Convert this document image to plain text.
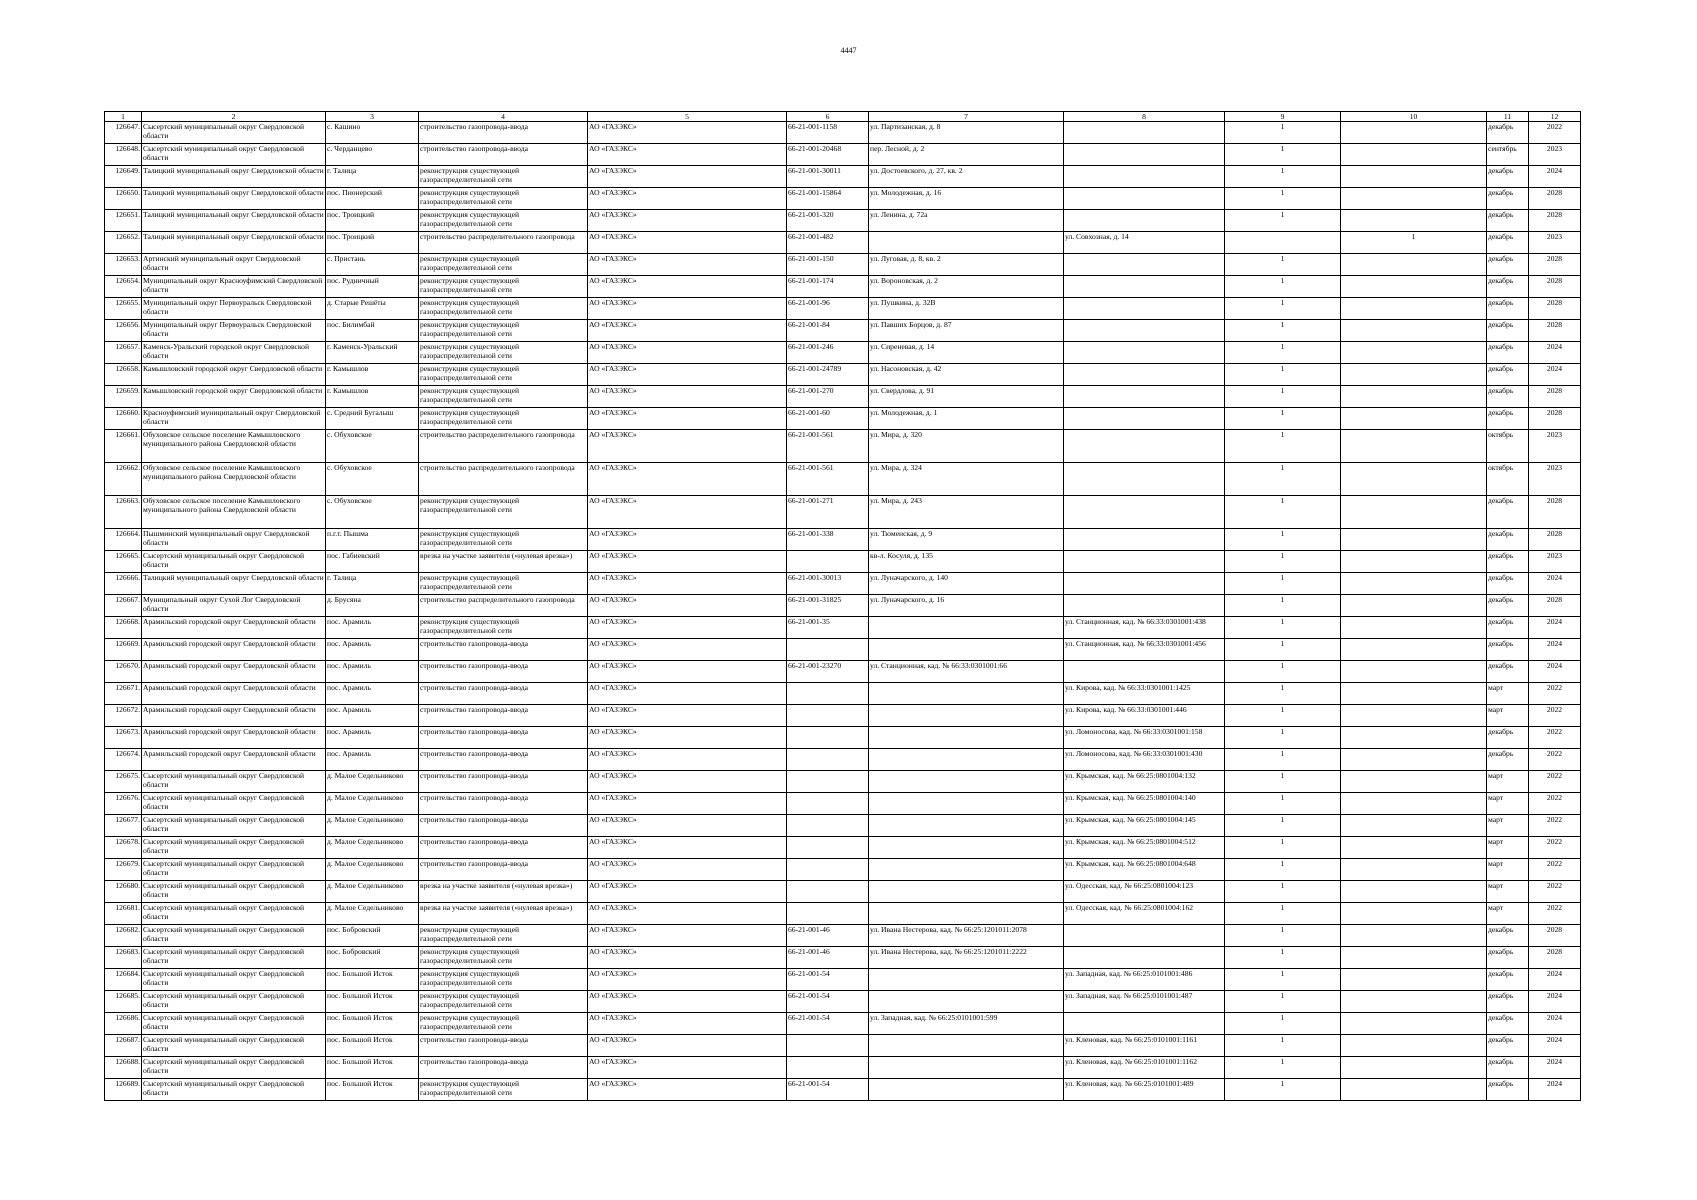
4447
1	2	3	4	5	6	7	8	9	10	11	12
126647.	Сысертский муниципальный округ Свердловской области	с. Кашино	строительство газопровода-ввода	АО «ГАЗЭКС»	66-21-001-1158	ул. Партизанская, д. 8		1		декабрь	2022
126648.	Сысертский муниципальный округ Свердловской области	с. Черданцево	строительство газопровода-ввода	АО «ГАЗЭКС»	66-21-001-20468	пер. Лесной, д. 2		1		сентябрь	2023
126649.	Талицкий муниципальный округ Свердловской области	г. Талица	реконструкция существующей газораспределительной сети	АО «ГАЗЭКС»	66-21-001-30011	ул. Достоевского, д. 27, кв. 2		1		декабрь	2024
126650.	Талицкий муниципальный округ Свердловской области	пос. Пионерский	реконструкция существующей газораспределительной сети	АО «ГАЗЭКС»	66-21-001-15864	ул. Молодежная, д. 16		1		декабрь	2028
126651.	Талицкий муниципальный округ Свердловской области	пос. Троицкий	реконструкция существующей газораспределительной сети	АО «ГАЗЭКС»	66-21-001-320	ул. Ленина, д. 72а		1		декабрь	2028
126652.	Талицкий муниципальный округ Свердловской области	пос. Троицкий	строительство распределительного газопровода	АО «ГАЗЭКС»	66-21-001-482		ул. Совхозная, д. 14		1	декабрь	2023
126653.	Артинский муниципальный округ Свердловской области	с. Пристань	реконструкция существующей газораспределительной сети	АО «ГАЗЭКС»	66-21-001-150	ул. Луговая, д. 8, кв. 2		1		декабрь	2028
126654.	Муниципальный округ Красноуфимский Свердловской области	пос. Рудничный	реконструкция существующей газораспределительной сети	АО «ГАЗЭКС»	66-21-001-174	ул. Вороновская, д. 2		1		декабрь	2028
126655.	Муниципальный округ Первоуральск Свердловской области	д. Старые Решёты	реконструкция существующей газораспределительной сети	АО «ГАЗЭКС»	66-21-001-96	ул. Пушкина, д. 32В		1		декабрь	2028
126656.	Муниципальный округ Первоуральск Свердловской области	пос. Билимбай	реконструкция существующей газораспределительной сети	АО «ГАЗЭКС»	66-21-001-84	ул. Павших Борцов, д. 87		1		декабрь	2028
126657.	Каменск-Уральский городской округ Свердловской области	г. Каменск-Уральский	реконструкция существующей газораспределительной сети	АО «ГАЗЭКС»	66-21-001-246	ул. Сиреневая, д. 14		1		декабрь	2024
126658.	Камышловский городской округ Свердловской области	г. Камышлов	реконструкция существующей газораспределительной сети	АО «ГАЗЭКС»	66-21-001-24789	ул. Насоновская, д. 42		1		декабрь	2024
126659.	Камышловский городской округ Свердловской области	г. Камышлов	реконструкция существующей газораспределительной сети	АО «ГАЗЭКС»	66-21-001-270	ул. Свердлова, д. 91		1		декабрь	2028
126660.	Красноуфимский муниципальный округ Свердловской области	с. Средний Бугалыш	реконструкция существующей газораспределительной сети	АО «ГАЗЭКС»	66-21-001-60	ул. Молодежная, д. 1		1		декабрь	2028
126661.	Обуховское сельское поселение Камышловского муниципального района Свердловской области	с. Обуховское	строительство распределительного газопровода	АО «ГАЗЭКС»	66-21-001-561	ул. Мира, д. 320		1		октябрь	2023
126662.	Обуховское сельское поселение Камышловского муниципального района Свердловской области	с. Обуховское	строительство распределительного газопровода	АО «ГАЗЭКС»	66-21-001-561	ул. Мира, д. 324		1		октябрь	2023
126663.	Обуховское сельское поселение Камышловского муниципального района Свердловской области	с. Обуховское	реконструкция существующей газораспределительной сети	АО «ГАЗЭКС»	66-21-001-271	ул. Мира, д. 243		1		декабрь	2028
126664.	Пышминский муниципальный округ Свердловской области	п.г.т. Пышма	реконструкция существующей газораспределительной сети	АО «ГАЗЭКС»	66-21-001-338	ул. Тюменская, д. 9		1		декабрь	2028
126665.	Сысертский муниципальный округ Свердловской области	пос. Габиевский	врезка на участке заявителя («нулевая врезка»)	АО «ГАЗЭКС»		кв-л. Косуля, д. 135		1		декабрь	2023
126666.	Талицкий муниципальный округ Свердловской области	г. Талица	реконструкция существующей газораспределительной сети	АО «ГАЗЭКС»	66-21-001-30013	ул. Луначарского, д. 140		1		декабрь	2024
126667.	Муниципальный округ Сухой Лог Свердловской области	д. Брусяна	строительство распределительного газопровода	АО «ГАЗЭКС»	66-21-001-31825	ул. Луначарского, д. 16		1		декабрь	2028
126668.	Арамильский городской округ Свердловской области	пос. Арамиль	реконструкция существующей газораспределительной сети	АО «ГАЗЭКС»	66-21-001-35		ул. Станционная, кад. № 66:33:0301001:438	1		декабрь	2024
126669.	Арамильский городской округ Свердловской области	пос. Арамиль	строительство газопровода-ввода	АО «ГАЗЭКС»			ул. Станционная, кад. № 66:33:0301001:456	1		декабрь	2024
126670.	Арамильский городской округ Свердловской области	пос. Арамиль	строительство газопровода-ввода	АО «ГАЗЭКС»	66-21-001-23270	ул. Станционная, кад. № 66:33:0301001:66		1		декабрь	2024
126671.	Арамильский городской округ Свердловской области	пос. Арамиль	строительство газопровода-ввода	АО «ГАЗЭКС»			ул. Кирова, кад. № 66:33:0301001:1425	1		март	2022
126672.	Арамильский городской округ Свердловской области	пос. Арамиль	строительство газопровода-ввода	АО «ГАЗЭКС»			ул. Кирова, кад. № 66:33:0301001:446	1		март	2022
126673.	Арамильский городской округ Свердловской области	пос. Арамиль	строительство газопровода-ввода	АО «ГАЗЭКС»			ул. Ломоносова, кад. № 66:33:0301001:158	1		декабрь	2022
126674.	Арамильский городской округ Свердловской области	пос. Арамиль	строительство газопровода-ввода	АО «ГАЗЭКС»			ул. Ломоносова, кад. № 66:33:0301001:430	1		декабрь	2022
126675.	Сысертский муниципальный округ Свердловской области	д. Малое Седельниково	строительство газопровода-ввода	АО «ГАЗЭКС»			ул. Крымская, кад. № 66:25:0801004:132	1		март	2022
126676.	Сысертский муниципальный округ Свердловской области	д. Малое Седельниково	строительство газопровода-ввода	АО «ГАЗЭКС»			ул. Крымская, кад. № 66:25:0801004:140	1		март	2022
126677.	Сысертский муниципальный округ Свердловской области	д. Малое Седельниково	строительство газопровода-ввода	АО «ГАЗЭКС»			ул. Крымская, кад. № 66:25:0801004:145	1		март	2022
126678.	Сысертский муниципальный округ Свердловской области	д. Малое Седельниково	строительство газопровода-ввода	АО «ГАЗЭКС»			ул. Крымская, кад. № 66:25:0801004:512	1		март	2022
126679.	Сысертский муниципальный округ Свердловской области	д. Малое Седельниково	строительство газопровода-ввода	АО «ГАЗЭКС»			ул. Крымская, кад. № 66:25:0801004:648	1		март	2022
126680.	Сысертский муниципальный округ Свердловской области	д. Малое Седельниково	врезка на участке заявителя («нулевая врезка»)	АО «ГАЗЭКС»			ул. Одесская, кад. № 66:25:0801004:123	1		март	2022
126681.	Сысертский муниципальный округ Свердловской области	д. Малое Седельниково	врезка на участке заявителя («нулевая врезка»)	АО «ГАЗЭКС»			ул. Одесская, кад. № 66:25:0801004:162	1		март	2022
126682.	Сысертский муниципальный округ Свердловской области	пос. Бобровский	реконструкция существующей газораспределительной сети	АО «ГАЗЭКС»	66-21-001-46	ул. Ивана Нестерова, кад. № 66:25:1201011:2078		1		декабрь	2028
126683.	Сысертский муниципальный округ Свердловской области	пос. Бобровский	реконструкция существующей газораспределительной сети	АО «ГАЗЭКС»	66-21-001-46	ул. Ивана Нестерова, кад. № 66:25:1201011:2222		1		декабрь	2028
126684.	Сысертский муниципальный округ Свердловской области	пос. Большой Исток	реконструкция существующей газораспределительной сети	АО «ГАЗЭКС»	66-21-001-54		ул. Западная, кад. № 66:25:0101001:486	1		декабрь	2024
126685.	Сысертский муниципальный округ Свердловской области	пос. Большой Исток	реконструкция существующей газораспределительной сети	АО «ГАЗЭКС»	66-21-001-54		ул. Западная, кад. № 66:25:0101001:487	1		декабрь	2024
126686.	Сысертский муниципальный округ Свердловской области	пос. Большой Исток	реконструкция существующей газораспределительной сети	АО «ГАЗЭКС»	66-21-001-54	ул. Западная, кад. № 66:25:0101001:599		1		декабрь	2024
126687.	Сысертский муниципальный округ Свердловской области	пос. Большой Исток	строительство газопровода-ввода	АО «ГАЗЭКС»			ул. Кленовая, кад. № 66:25:0101001:1161	1		декабрь	2024
126688.	Сысертский муниципальный округ Свердловской области	пос. Большой Исток	строительство газопровода-ввода	АО «ГАЗЭКС»			ул. Кленовая, кад. № 66:25:0101001:1162	1		декабрь	2024
126689.	Сысертский муниципальный округ Свердловской области	пос. Большой Исток	реконструкция существующей газораспределительной сети	АО «ГАЗЭКС»	66-21-001-54		ул. Кленовая, кад. № 66:25:0101001:489	1		декабрь	2024
